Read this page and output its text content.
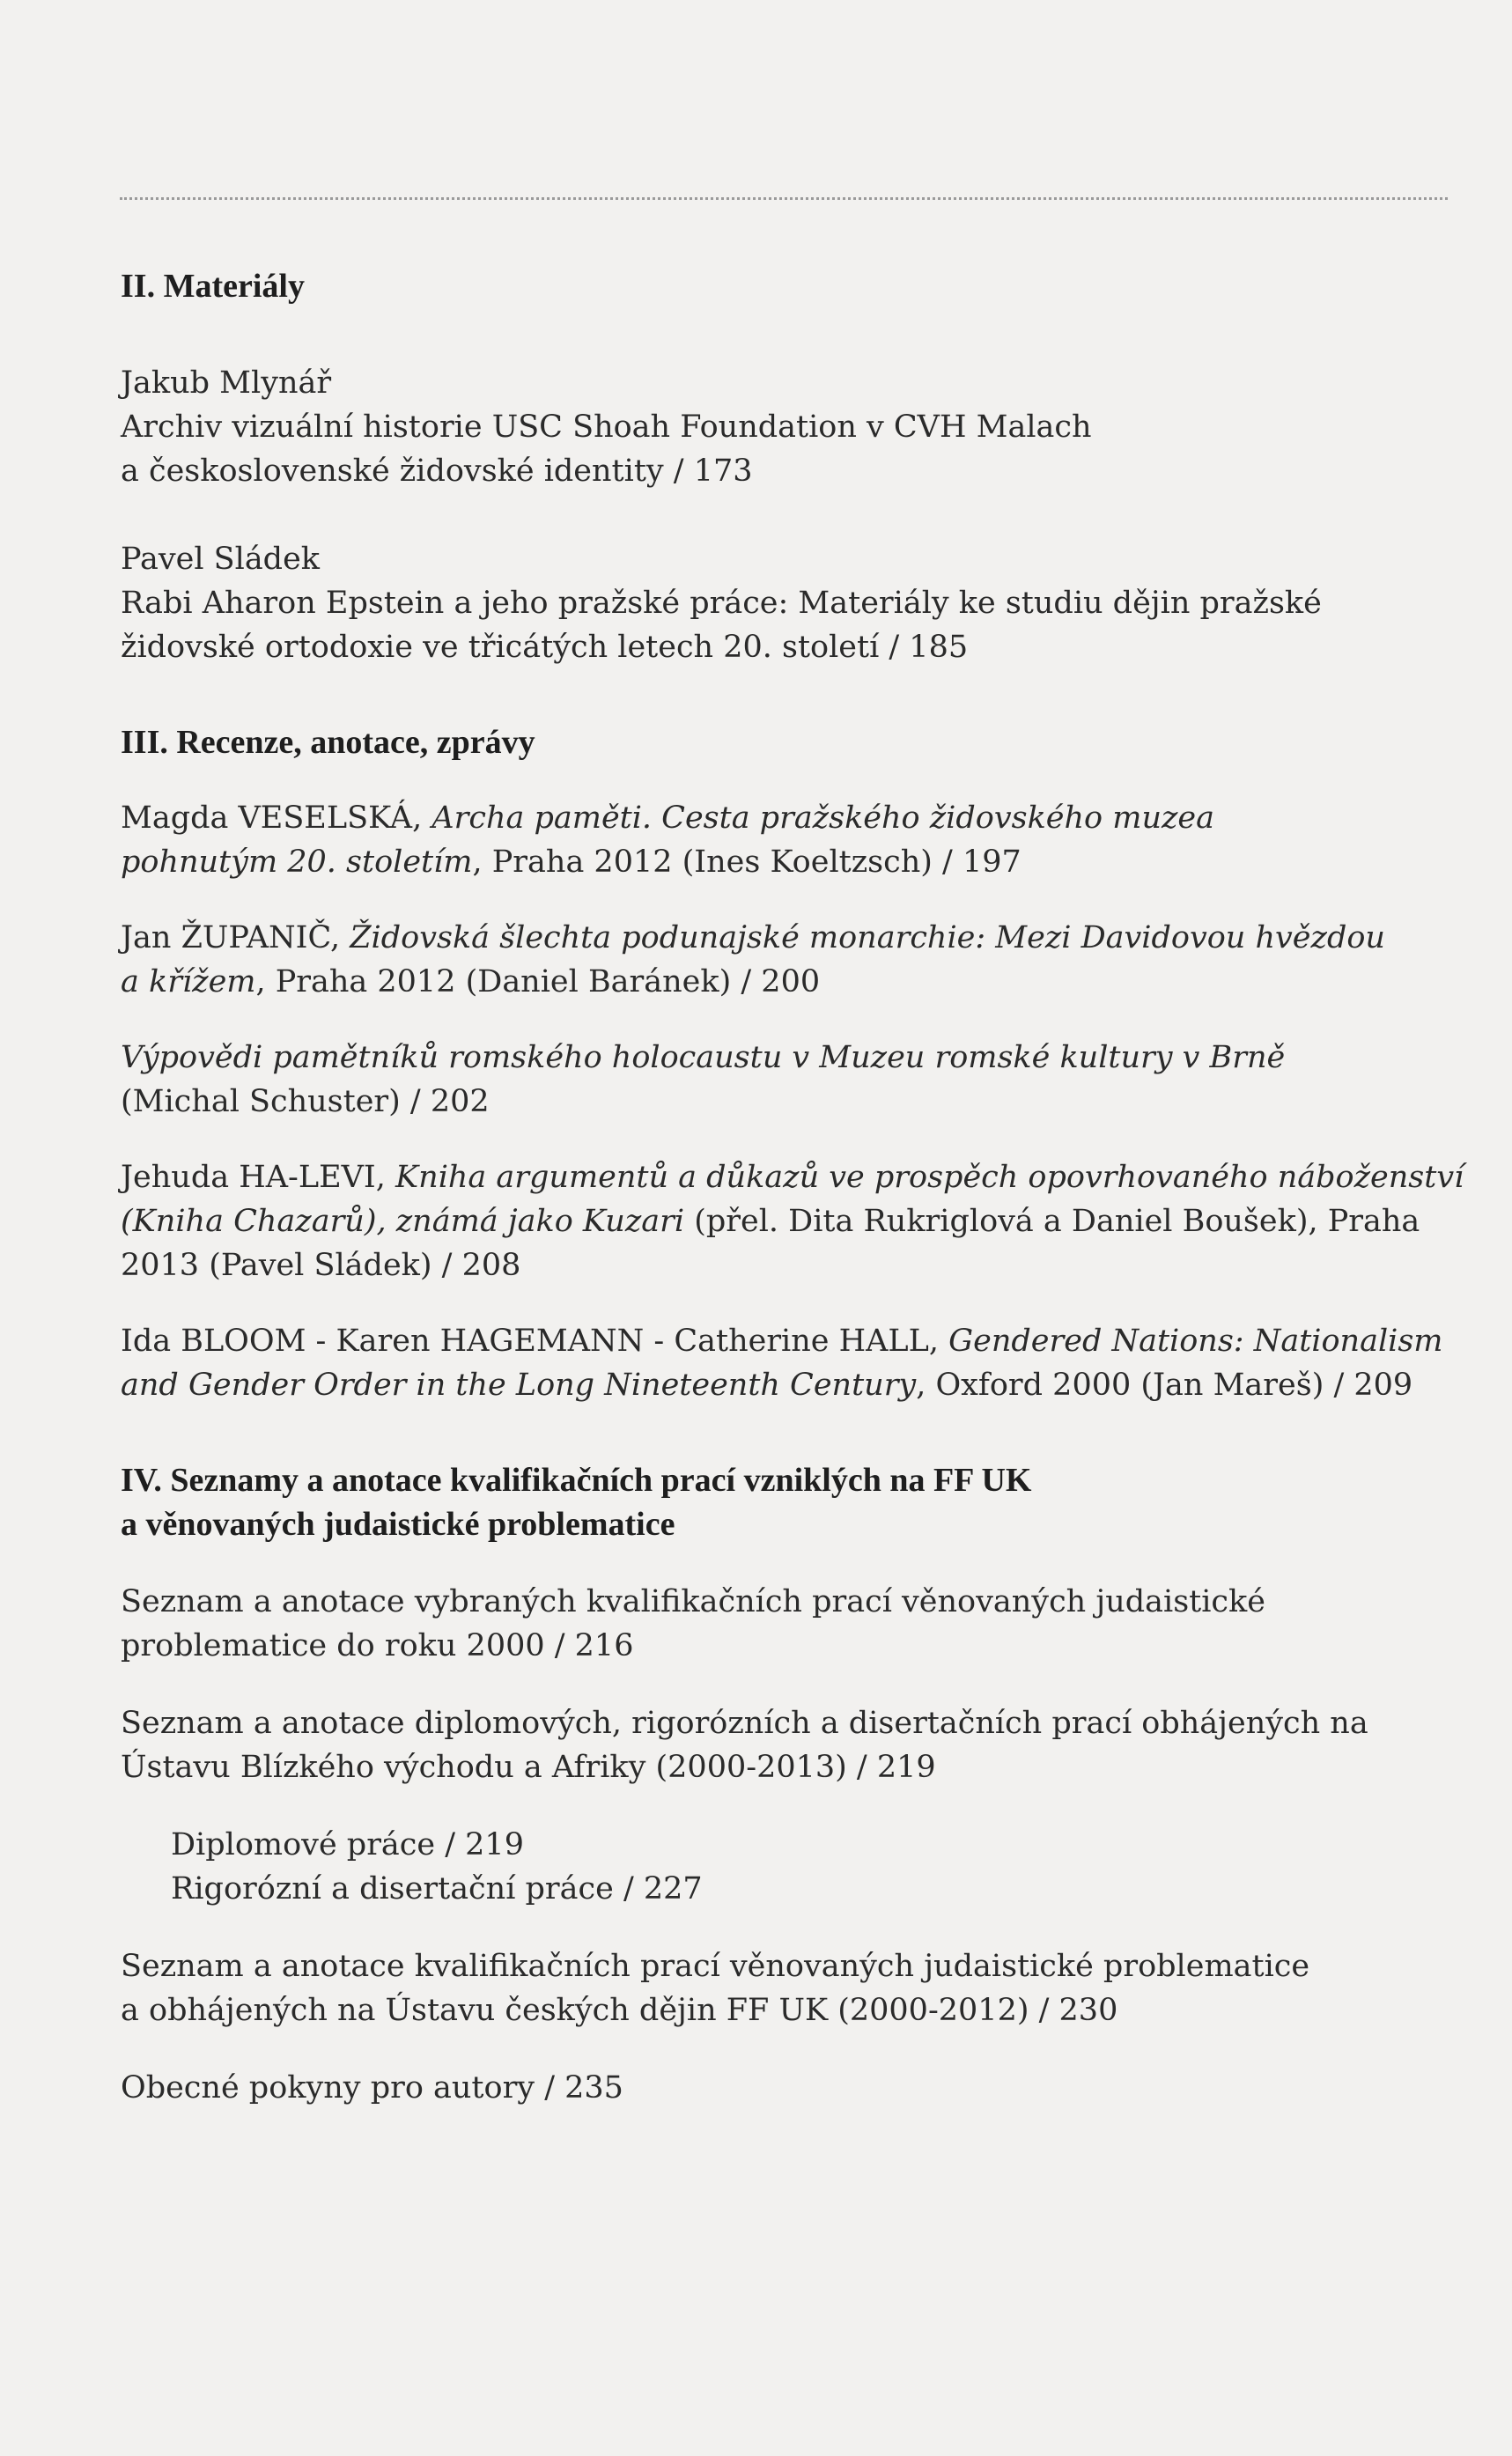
II. Materiály

Jakub Mlynář
Archiv vizuální historie USC Shoah Foundation v CVH Malach
a československé židovské identity / 173

Pavel Sládek
Rabi Aharon Epstein a jeho pražské práce: Materiály ke studiu dějin pražské
židovské ortodoxie ve třicátých letech 20. století / 185

III. Recenze, anotace, zprávy

Magda VESELSKÁ, Archa paměti. Cesta pražského židovského muzea
pohnutým 20. stoletím, Praha 2012 (Ines Koeltzsch) / 197

Jan ŽUPANIČ, Židovská šlechta podunajské monarchie: Mezi Davidovou hvězdou
a křížem, Praha 2012 (Daniel Baránek) / 200

Výpovědi pamětníků romského holocaustu v Muzeu romské kultury v Brně
(Michal Schuster) / 202

Jehuda HA-LEVI, Kniha argumentů a důkazů ve prospěch opovrhovaného náboženství
(Kniha Chazarů), známá jako Kuzari (přel. Dita Rukriglová a Daniel Boušek), Praha
2013 (Pavel Sládek) / 208

Ida BLOOM - Karen HAGEMANN - Catherine HALL, Gendered Nations: Nationalism
and Gender Order in the Long Nineteenth Century, Oxford 2000 (Jan Mareš) / 209

IV. Seznamy a anotace kvalifikačních prací vzniklých na FF UK
a věnovaných judaistické problematice

Seznam a anotace vybraných kvalifikačních prací věnovaných judaistické
problematice do roku 2000 / 216

Seznam a anotace diplomových, rigorózních a disertačních prací obhájených na
Ústavu Blízkého východu a Afriky (2000-2013) / 219

Diplomové práce / 219
Rigorózní a disertační práce / 227

Seznam a anotace kvalifikačních prací věnovaných judaistické problematice
a obhájených na Ústavu českých dějin FF UK (2000-2012) / 230

Obecné pokyny pro autory / 235
